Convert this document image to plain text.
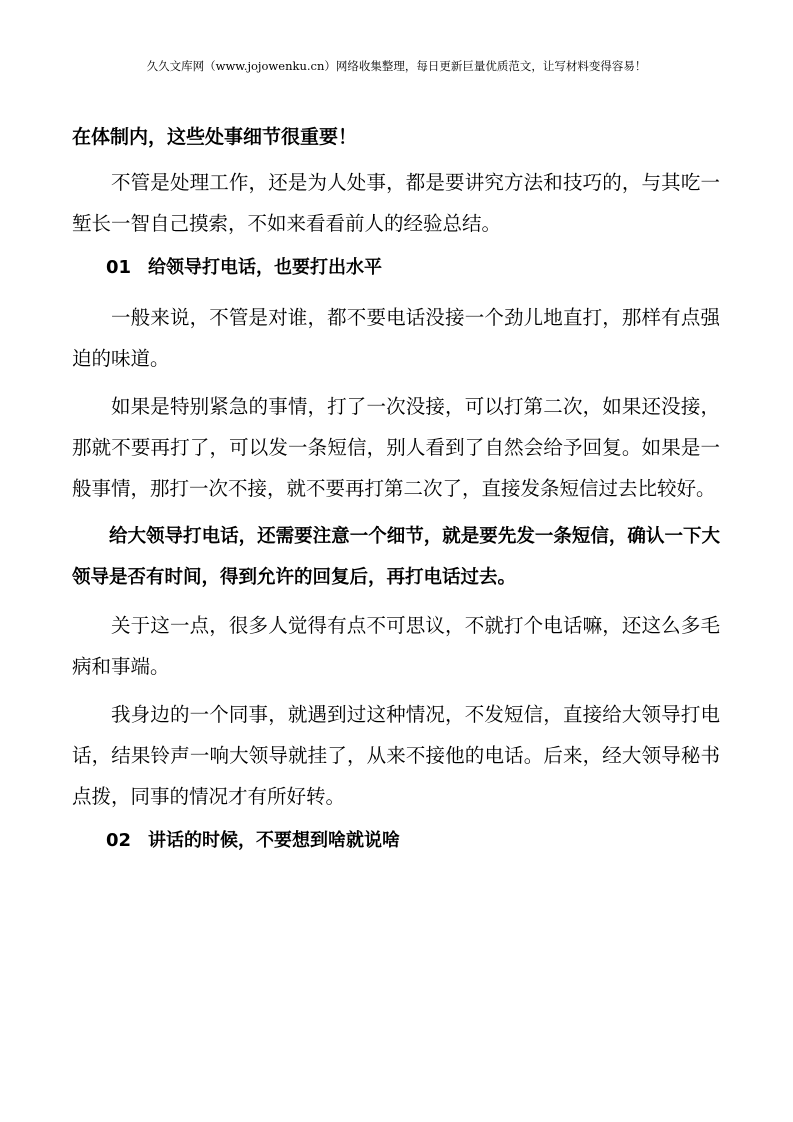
久久文库网（www.jojowenku.cn）网络收集整理，每日更新巨量优质范文，让写材料变得容易！
在体制内，这些处事细节很重要！

不管是处理工作，还是为人处事，都是要讲究方法和技巧的，与其吃一堑长一智自己摸索，不如来看看前人的经验总结。

01 给领导打电话，也要打出水平

一般来说，不管是对谁，都不要电话没接一个劲儿地直打，那样有点强迫的味道。

如果是特别紧急的事情，打了一次没接，可以打第二次，如果还没接，那就不要再打了，可以发一条短信，别人看到了自然会给予回复。如果是一般事情，那打一次不接，就不要再打第二次了，直接发条短信过去比较好。

给大领导打电话，还需要注意一个细节，就是要先发一条短信，确认一下大领导是否有时间，得到允许的回复后，再打电话过去。

关于这一点，很多人觉得有点不可思议，不就打个电话嘛，还这么多毛病和事端。

我身边的一个同事，就遇到过这种情况，不发短信，直接给大领导打电话，结果铃声一响大领导就挂了，从来不接他的电话。后来，经大领导秘书点拨，同事的情况才有所好转。

02 讲话的时候，不要想到啥就说啥
